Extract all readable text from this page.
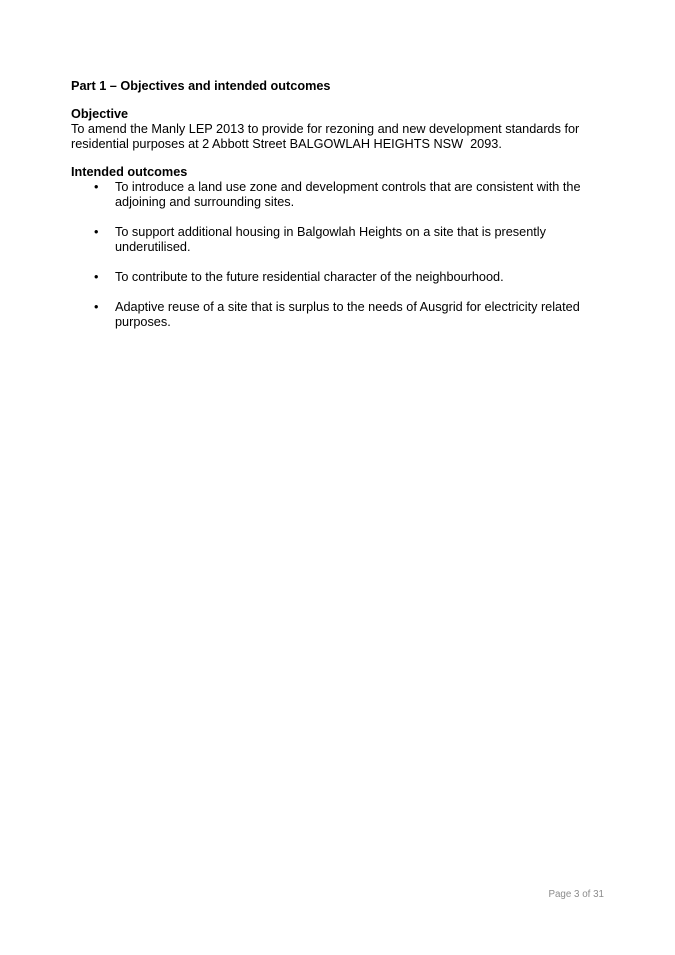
Part 1 – Objectives and intended outcomes

Objective

To amend the Manly LEP 2013 to provide for rezoning and new development standards for residential purposes at 2 Abbott Street BALGOWLAH HEIGHTS NSW  2093.

Intended outcomes

• To introduce a land use zone and development controls that are consistent with the adjoining and surrounding sites.
• To support additional housing in Balgowlah Heights on a site that is presently underutilised.
• To contribute to the future residential character of the neighbourhood.
• Adaptive reuse of a site that is surplus to the needs of Ausgrid for electricity related purposes.
Page 3 of 31
